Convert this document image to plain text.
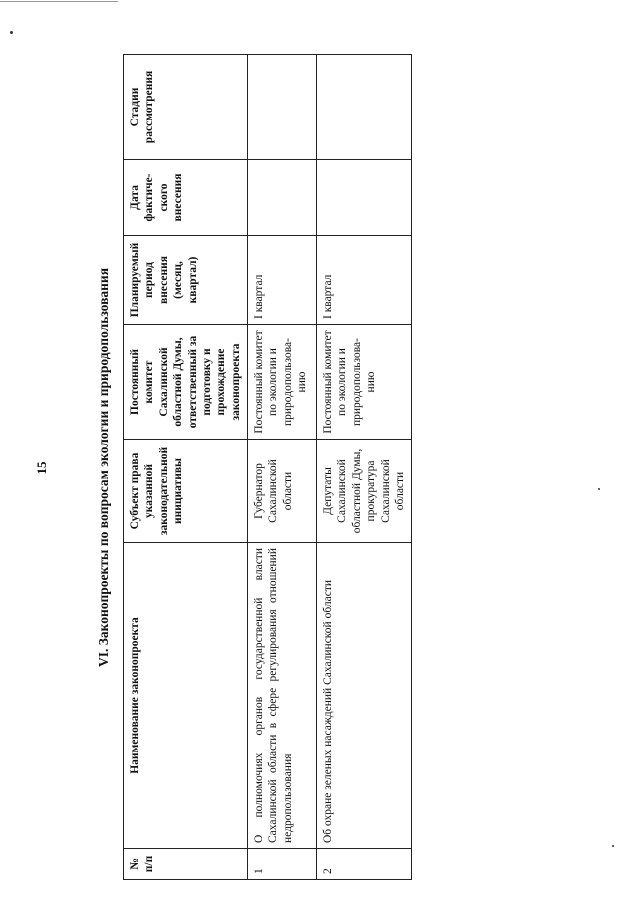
15	VI. Законопроекты по вопросам экологии и природопользования
№ п/п	Наименование законопроекта	Субъект права указанной законодательной инициативы	Постоянный комитет Сахалинской областной Думы, ответственный за подготовку и прохождение законопроекта	Планируемый период внесения (месяц, квартал)	Дата фактиче-ского внесения	Стадии рассмотрения
1	О полномочиях органов государственной власти Сахалинской области в сфере регулирования отношений недропользования	Губернатор Сахалинской области	Постоянный комитет по экологии и природопользова-нию	I квартал		
2	Об охране зеленых насаждений Сахалинской области	Депутаты Сахалинской областной Думы, прокуратура Сахалинской области	Постоянный комитет по экологии и природопользова-нию	I квартал		
